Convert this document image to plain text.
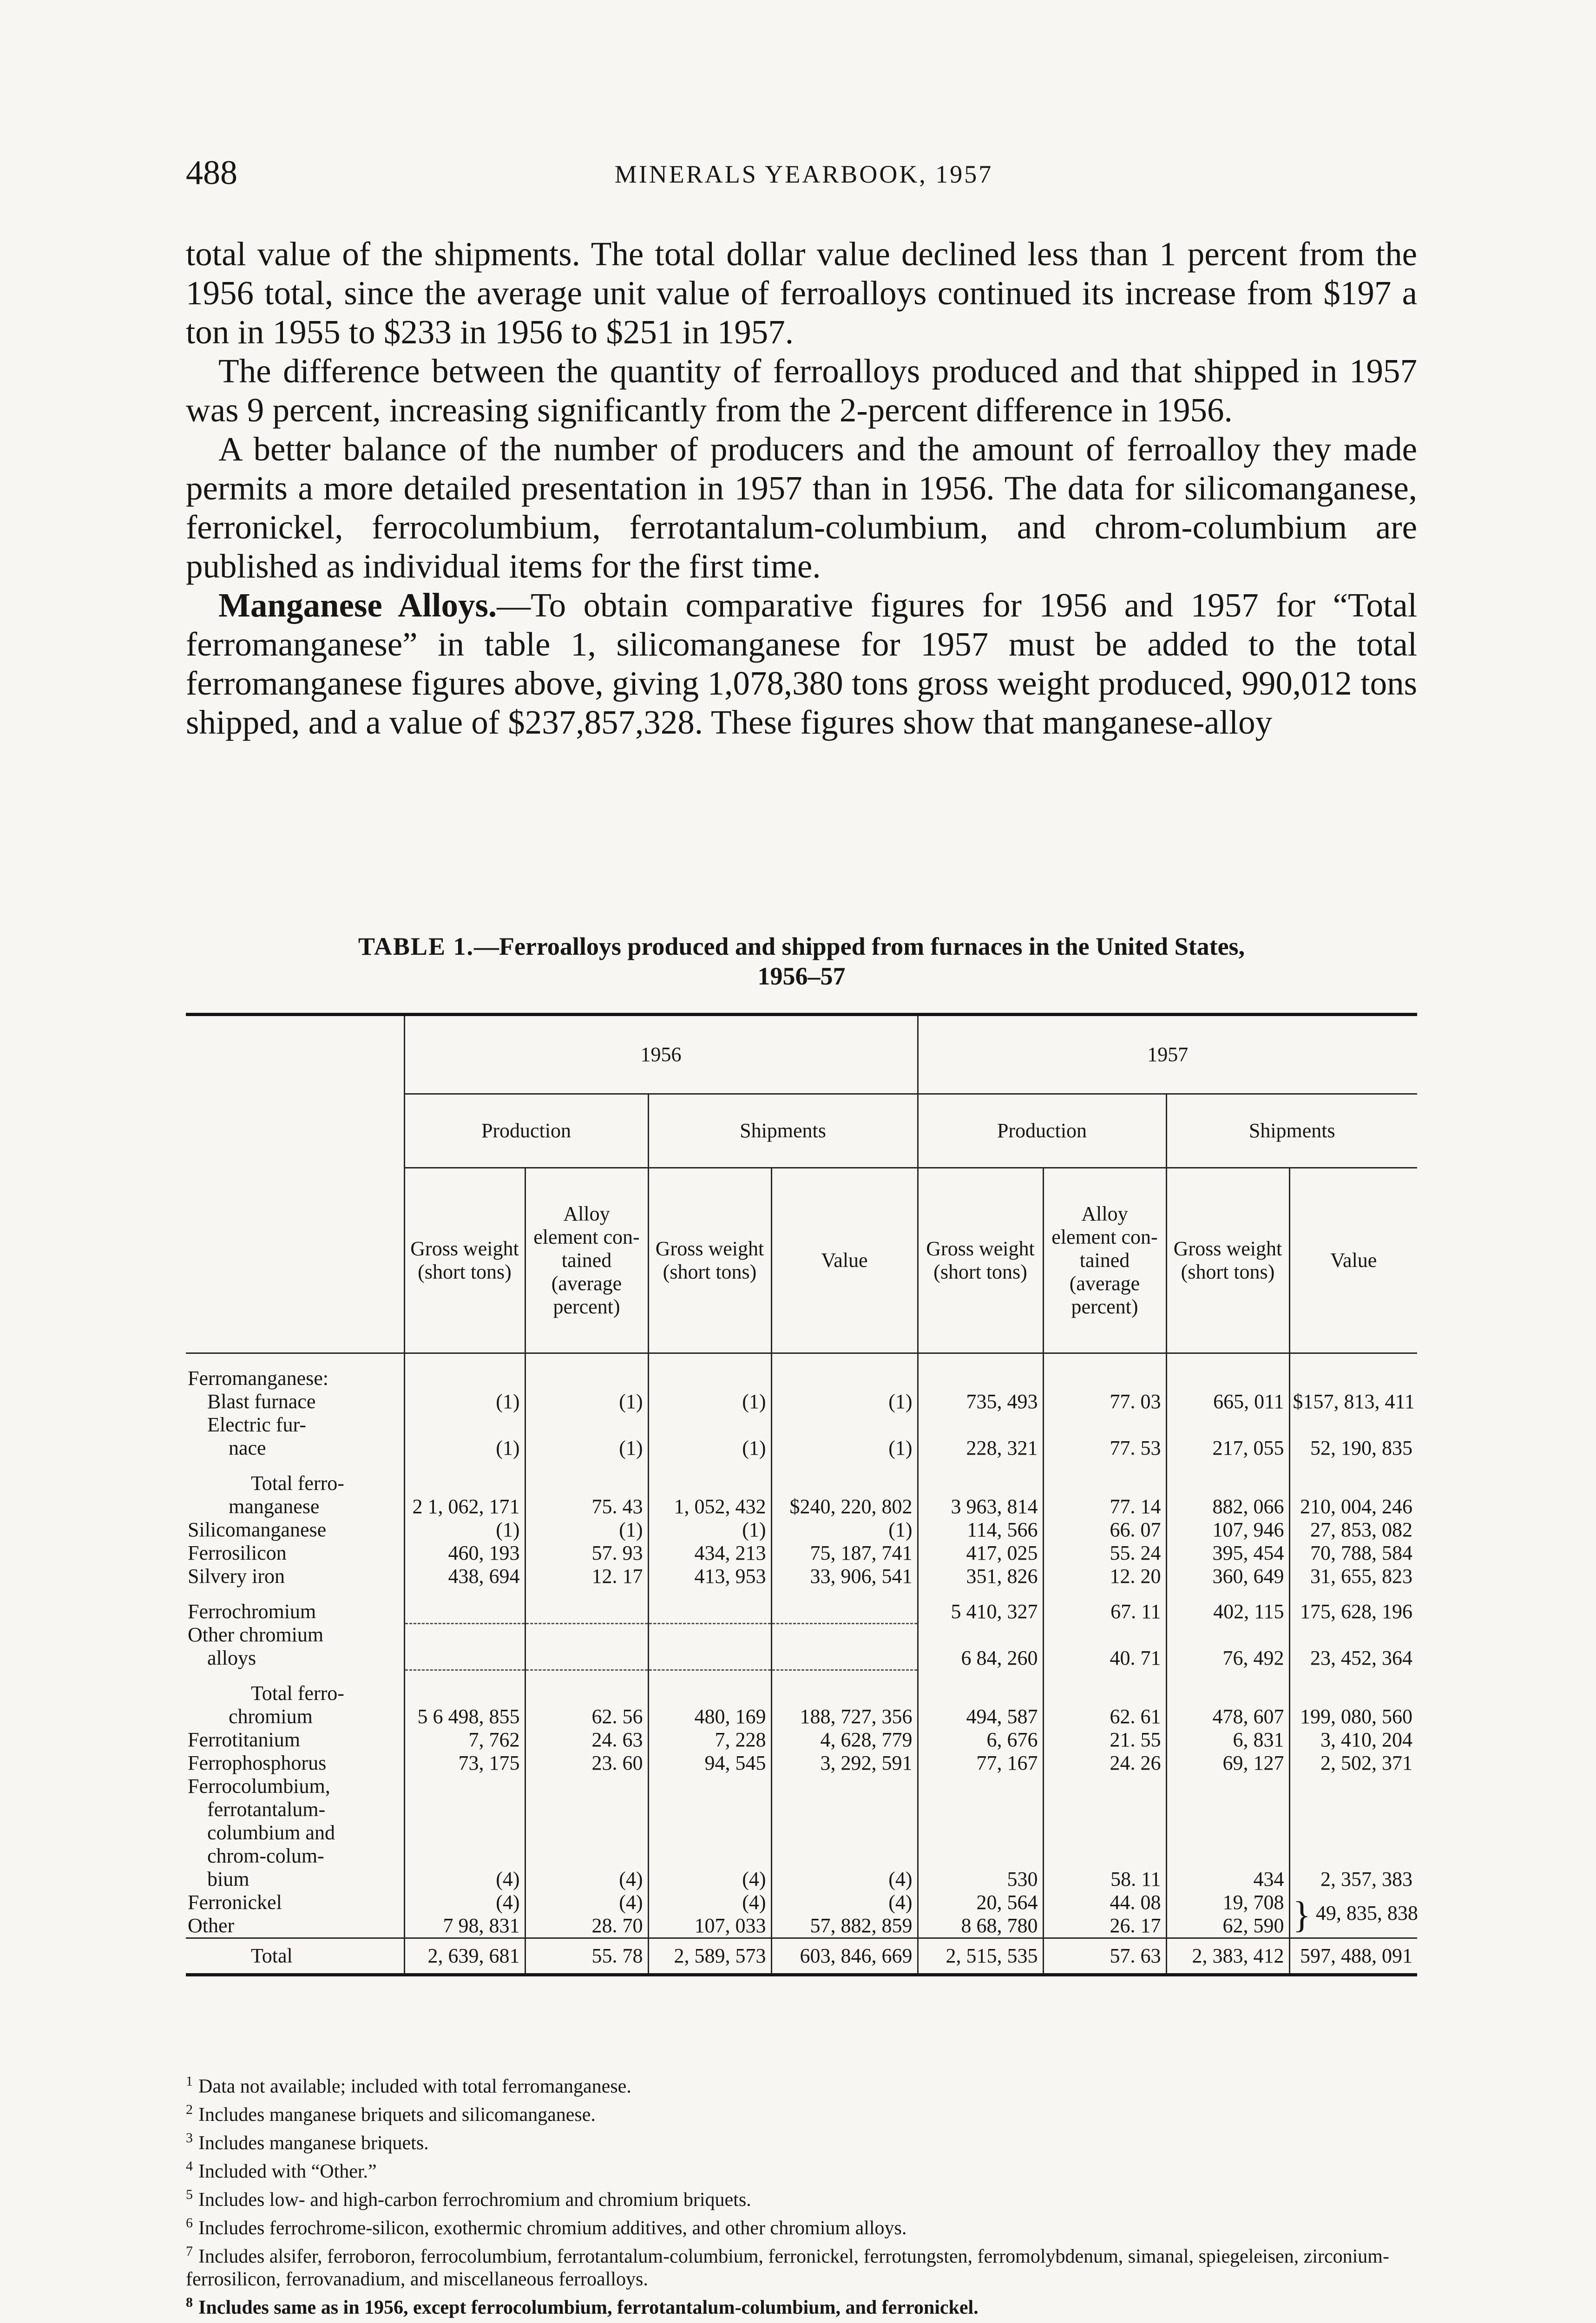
488	MINERALS YEARBOOK, 1957

total value of the shipments. The total dollar value declined less than 1 percent from the 1956 total, since the average unit value of ferroalloys continued its increase from $197 a ton in 1955 to $233 in 1956 to $251 in 1957.

The difference between the quantity of ferroalloys produced and that shipped in 1957 was 9 percent, increasing significantly from the 2-percent difference in 1956.

A better balance of the number of producers and the amount of ferroalloy they made permits a more detailed presentation in 1957 than in 1956. The data for silicomanganese, ferronickel, ferrocolumbium, ferrotantalum-columbium, and chrom-columbium are published as individual items for the first time.

Manganese Alloys.—To obtain comparative figures for 1956 and 1957 for “Total ferromanganese” in table 1, silicomanganese for 1957 must be added to the total ferromanganese figures above, giving 1,078,380 tons gross weight produced, 990,012 tons shipped, and a value of $237,857,328. These figures show that manganese-alloy

TABLE 1.—Ferroalloys produced and shipped from furnaces in the United States,
1956–57
	1956				1957			
	Production		Shipments		Production		Shipments	
	Gross weight (short tons)	Alloy element con-tained (average percent)	Gross weight (short tons)	Value	Gross weight (short tons)	Alloy element con-tained (average percent)	Gross weight (short tons)	Value

Ferromanganese:								
Blast furnace	(1)	(1)	(1)	(1)	735, 493	77. 03	665, 011	$157, 813, 411
Electric fur-								
nace	(1)	(1)	(1)	(1)	228, 321	77. 53	217, 055	52, 190, 835
Total ferro-								
manganese	2 1, 062, 171	75. 43	1, 052, 432	$240, 220, 802	3 963, 814	77. 14	882, 066	210, 004, 246
Silicomanganese	(1)	(1)	(1)	(1)	114, 566	66. 07	107, 946	27, 853, 082
Ferrosilicon	460, 193	57. 93	434, 213	75, 187, 741	417, 025	55. 24	395, 454	70, 788, 584
Silvery iron	438, 694	12. 17	413, 953	33, 906, 541	351, 826	12. 20	360, 649	31, 655, 823
Ferrochromium					5 410, 327	67. 11	402, 115	175, 628, 196
Other chromium								
alloys					6 84, 260	40. 71	76, 492	23, 452, 364
Total ferro-								
chromium	5 6 498, 855	62. 56	480, 169	188, 727, 356	494, 587	62. 61	478, 607	199, 080, 560
Ferrotitanium	7, 762	24. 63	7, 228	4, 628, 779	6, 676	21. 55	6, 831	3, 410, 204
Ferrophosphorus	73, 175	23. 60	94, 545	3, 292, 591	77, 167	24. 26	69, 127	2, 502, 371
Ferrocolumbium,								
ferrotantalum-								
columbium and								
chrom-colum-								
bium	(4)	(4)	(4)	(4)	530	58. 11	434	2, 357, 383
Ferronickel	(4)	(4)	(4)	(4)	20, 564	44. 08	19, 708	} 49, 835, 838
Other	7 98, 831	28. 70	107, 033	57, 882, 859	8 68, 780	26. 17	62, 590	
Total	2, 639, 681	55. 78	2, 589, 573	603, 846, 669	2, 515, 535	57. 63	2, 383, 412	597, 488, 091

$^1$ Data not available; included with total ferromanganese.

$^2$ Includes manganese briquets and silicomanganese.

$^3$ Includes manganese briquets.

$^4$ Included with “Other.”

$^5$ Includes low- and high-carbon ferrochromium and chromium briquets.

$^6$ Includes ferrochrome-silicon, exothermic chromium additives, and other chromium alloys.

$^7$ Includes alsifer, ferroboron, ferrocolumbium, ferrotantalum-columbium, ferronickel, ferrotungsten, ferromolybdenum, simanal, spiegeleisen, zirconium-ferrosilicon, ferrovanadium, and miscellaneous ferroalloys.

$^8$ Includes same as in 1956, except ferrocolumbium, ferrotantalum-columbium, and ferronickel.
